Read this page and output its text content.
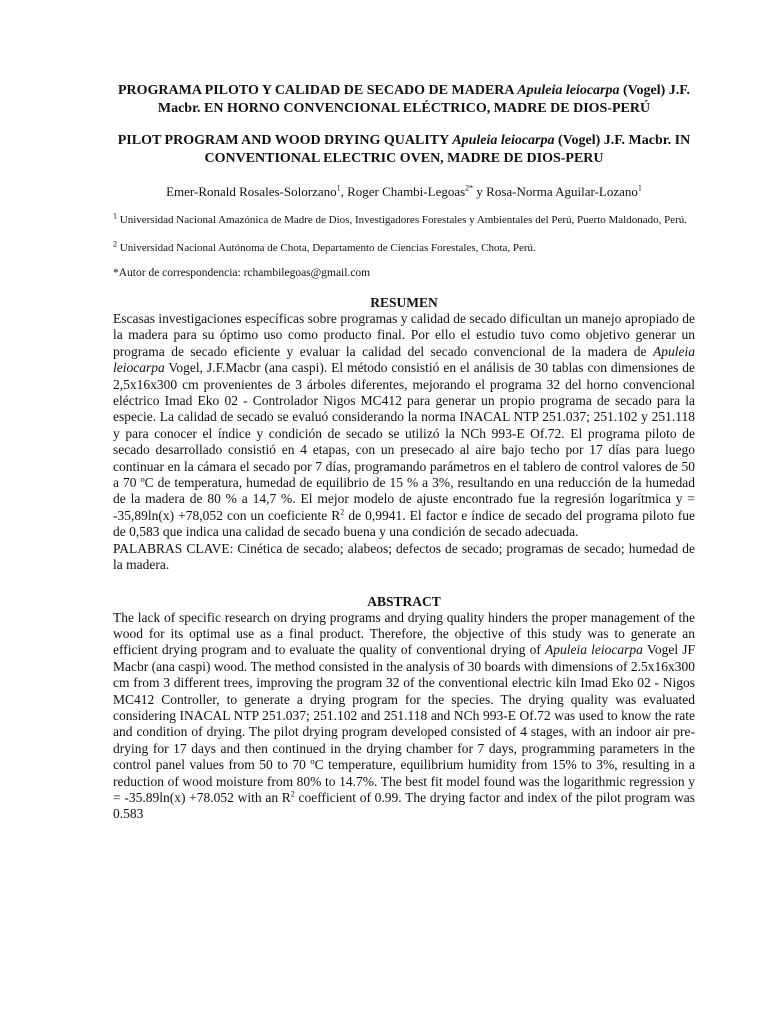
PROGRAMA PILOTO Y CALIDAD DE SECADO DE MADERA Apuleia leiocarpa (Vogel) J.F. Macbr. EN HORNO CONVENCIONAL ELÉCTRICO, MADRE DE DIOS-PERÚ

PILOT PROGRAM AND WOOD DRYING QUALITY Apuleia leiocarpa (Vogel) J.F. Macbr. IN CONVENTIONAL ELECTRIC OVEN, MADRE DE DIOS-PERU

Emer-Ronald Rosales-Solorzano$^1$, Roger Chambi-Legoas$^{2*}$ y Rosa-Norma Aguilar-Lozano$^1$
$^1$ Universidad Nacional Amazónica de Madre de Dios, Investigadores Forestales y Ambientales del Perú, Puerto Maldonado, Perú.
$^2$ Universidad Nacional Autónoma de Chota, Departamento de Ciencias Forestales, Chota, Perú.
*Autor de correspondencia: rchambilegoas@gmail.com

RESUMEN

Escasas investigaciones específicas sobre programas y calidad de secado dificultan un manejo apropiado de la madera para su óptimo uso como producto final. Por ello el estudio tuvo como objetivo generar un programa de secado eficiente y evaluar la calidad del secado convencional de la madera de Apuleia leiocarpa Vogel, J.F.Macbr (ana caspi). El método consistió en el análisis de 30 tablas con dimensiones de 2,5x16x300 cm provenientes de 3 árboles diferentes, mejorando el programa 32 del horno convencional eléctrico Imad Eko 02 - Controlador Nigos MC412 para generar un propio programa de secado para la especie. La calidad de secado se evaluó considerando la norma INACAL NTP 251.037; 251.102 y 251.118 y para conocer el índice y condición de secado se utilizó la NCh 993-E Of.72. El programa piloto de secado desarrollado consistió en 4 etapas, con un presecado al aire bajo techo por 17 días para luego continuar en la cámara el secado por 7 días, programando parámetros en el tablero de control valores de 50 a 70 ºC de temperatura, humedad de equilibrio de 15 % a 3%, resultando en una reducción de la humedad de la madera de 80 % a 14,7 %. El mejor modelo de ajuste encontrado fue la regresión logarítmica y = -35,89ln(x) +78,052 con un coeficiente $R^2$ de 0,9941. El factor e índice de secado del programa piloto fue de 0,583 que indica una calidad de secado buena y una condición de secado adecuada.

PALABRAS CLAVE: Cinética de secado; alabeos; defectos de secado; programas de secado; humedad de la madera.

ABSTRACT

The lack of specific research on drying programs and drying quality hinders the proper management of the wood for its optimal use as a final product. Therefore, the objective of this study was to generate an efficient drying program and to evaluate the quality of conventional drying of Apuleia leiocarpa Vogel JF Macbr (ana caspi) wood. The method consisted in the analysis of 30 boards with dimensions of 2.5x16x300 cm from 3 different trees, improving the program 32 of the conventional electric kiln Imad Eko 02 - Nigos MC412 Controller, to generate a drying program for the species. The drying quality was evaluated considering INACAL NTP 251.037; 251.102 and 251.118 and NCh 993-E Of.72 was used to know the rate and condition of drying. The pilot drying program developed consisted of 4 stages, with an indoor air pre-drying for 17 days and then continued in the drying chamber for 7 days, programming parameters in the control panel values from 50 to 70 ºC temperature, equilibrium humidity from 15% to 3%, resulting in a reduction of wood moisture from 80% to 14.7%. The best fit model found was the logarithmic regression y = -35.89ln(x) +78.052 with an $R^2$ coefficient of 0.99. The drying factor and index of the pilot program was 0.583
